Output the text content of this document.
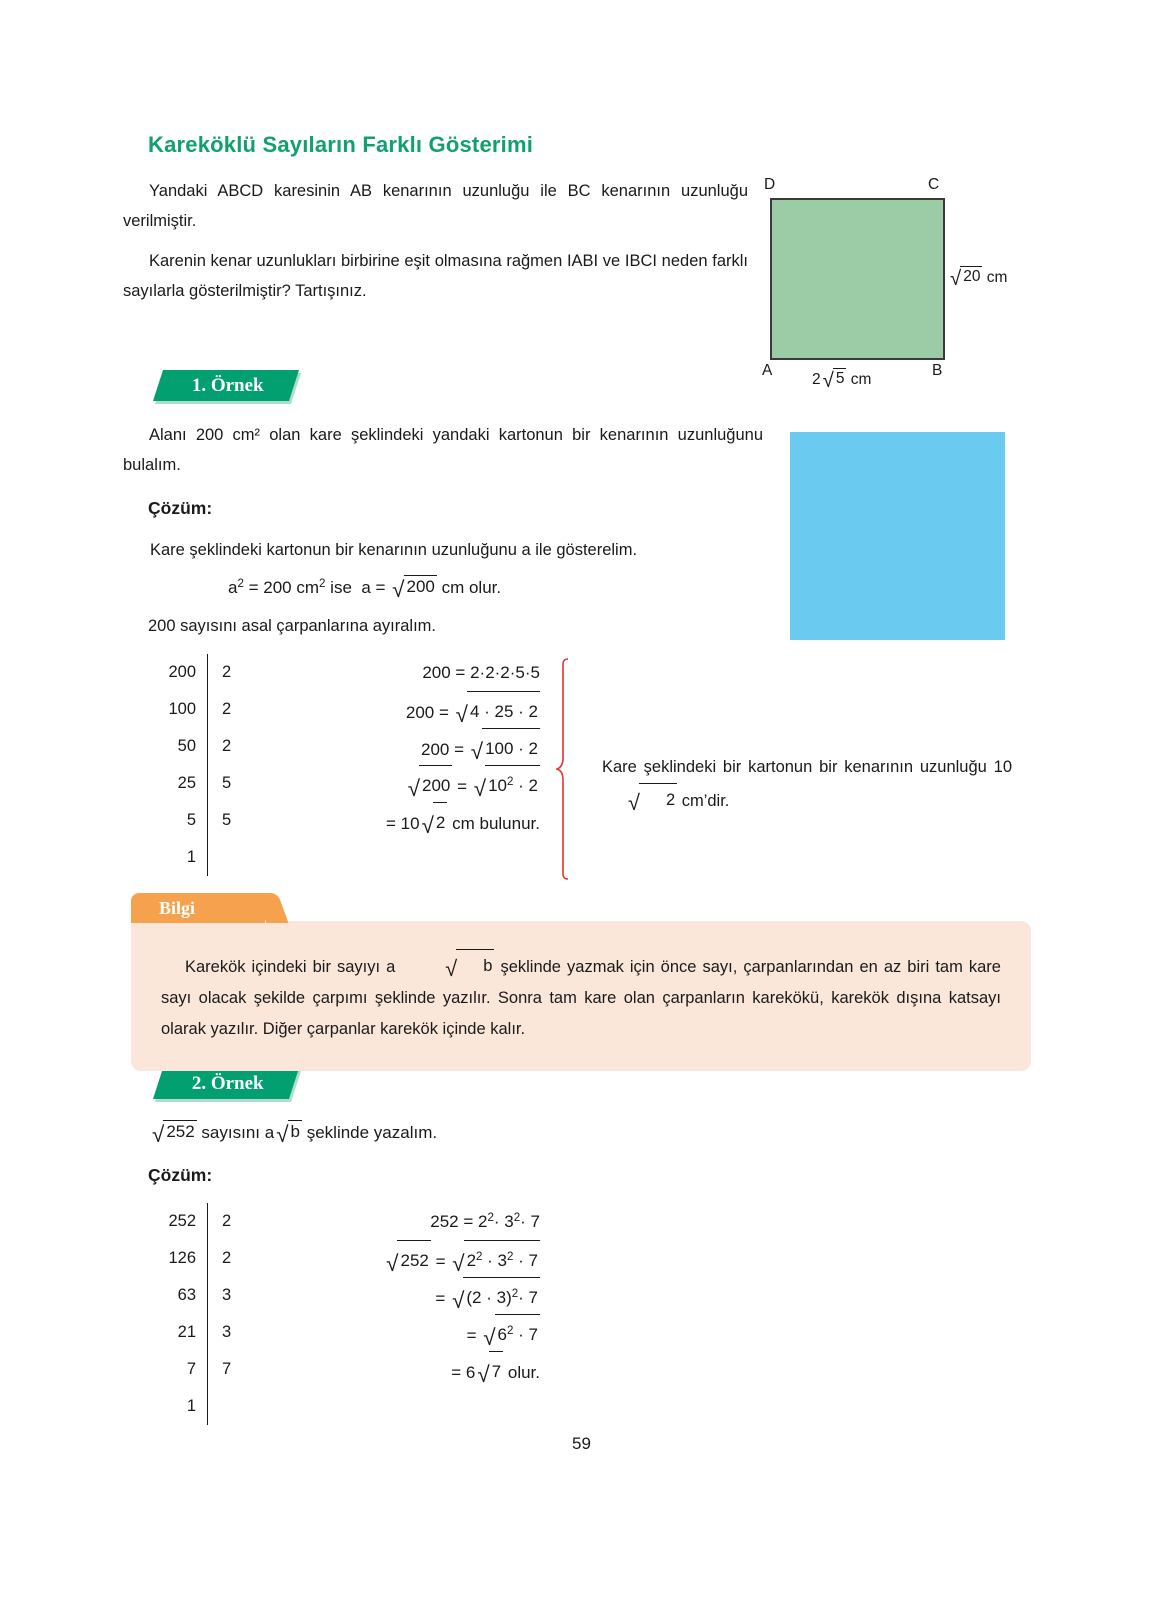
Kareköklü Sayıların Farklı Gösterimi
Yandaki ABCD karesinin AB kenarının uzunluğu ile BC kenarının uzunluğu verilmiştir.
Karenin kenar uzunlukları birbirine eşit olmasına rağmen IABI ve IBCI neden farklı sayılarla gösterilmiştir? Tartışınız.
D	C
A	B
√ 20 cm
2√ 5 cm
1. Örnek
Alanı 200 cm² olan kare şeklindeki yandaki kartonun bir kenarının uzunluğunu bulalım.
Çözüm:
Kare şeklindeki kartonun bir kenarının uzunluğunu a ile gösterelim.
$a^2 = 200$ $cm^2$ ise  a = √ 200 cm olur.
200 sayısını asal çarpanlarına ayıralım.
200	2
100	2
50	2
25	5
5	5
1	
200 = 2·2·2·5·5
200 = √ 4 · 25 · 2
200 = √ 100 · 2
√ 200 = √ $10^2 \cdot 2$
= 10√ 2 cm bulunur.
Kare şeklindeki bir kartonun bir kenarının uzunluğu 10√ 2 cm’dir.
Bilgi
Karekök içindeki bir sayıyı a √ b şeklinde yazmak için önce sayı, çarpanlarından en az biri tam kare sayı olacak şekilde çarpımı şeklinde yazılır. Sonra tam kare olan çarpanların karekökü, karekök dışına katsayı olarak yazılır. Diğer çarpanlar karekök içinde kalır.
2. Örnek
√ 252 sayısını a√ b şeklinde yazalım.
Çözüm:
252	2
126	2
63	3
21	3
7	7
1	
$252 = 2^2\cdot 3^2\cdot 7$
√ 252 = √ $2^2 \cdot 3^2 \cdot 7$
= √ $(2 \cdot 3)^2\cdot 7$
= √ $6^2 \cdot 7$
= 6√ 7 olur.
59
